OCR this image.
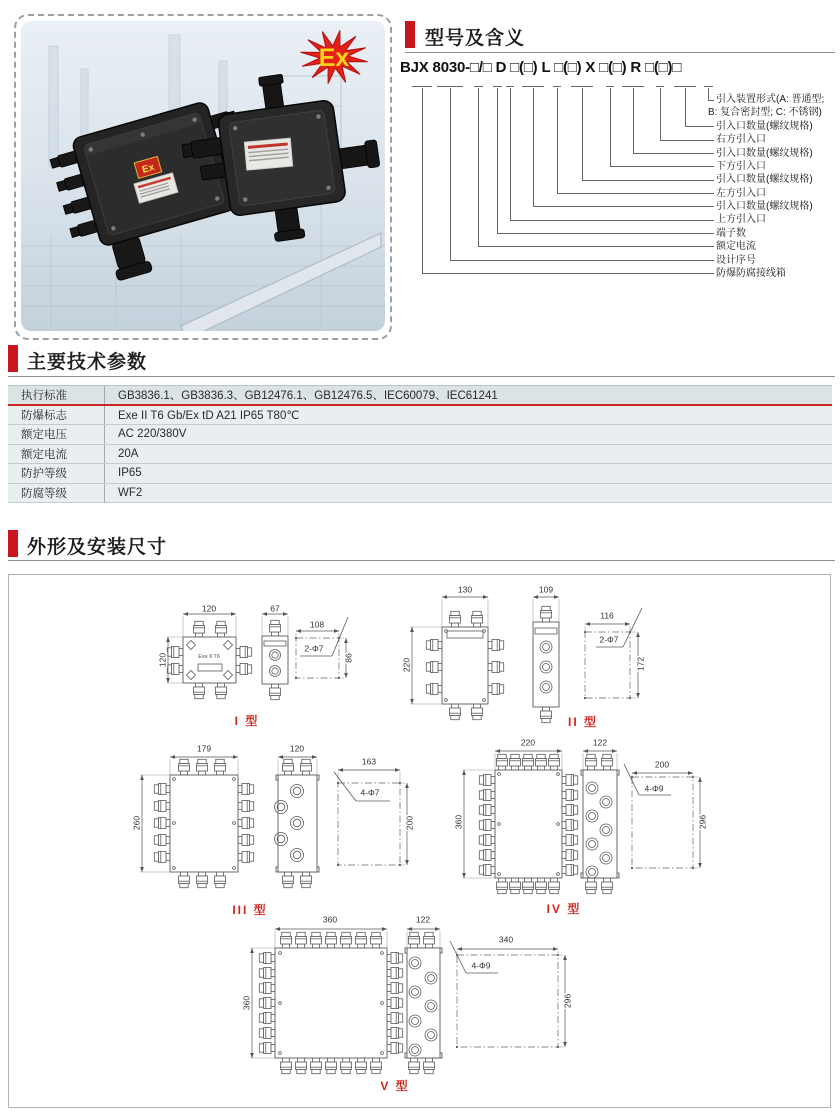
Ex
Ex
型号及含义
BJX 8030-□/□ D □(□) L □(□) X □(□) R □(□)□
引入装置形式(A: 普通型;
B: 复合密封型; C: 不锈钢)
引入口数量(螺纹规格)
右方引入口
引入口数量(螺纹规格)
下方引入口
引入口数量(螺纹规格)
左方引入口
引入口数量(螺纹规格)
上方引入口
端子数
额定电流
设计序号
防爆防腐接线箱
主要技术参数
执行标准	GB3836.1、GB3836.3、GB12476.1、GB12476.5、IEC60079、IEC61241
防爆标志	Exe II T6 Gb/Ex tD A21 IP65 T80℃
额定电压	AC 220/380V
额定电流	20A
防护等级	IP65
防腐等级	WF2
外形及安装尺寸
120
120
67
108
86
2-Φ7
Exe Ⅱ T6
I 型
130
220
109
116
172
2-Φ7
II 型
179
260
120
163
200
4-Φ7
III 型
220
360
122
200
296
4-Φ9
IV 型
360
360
122
340
296
4-Φ9
V 型
